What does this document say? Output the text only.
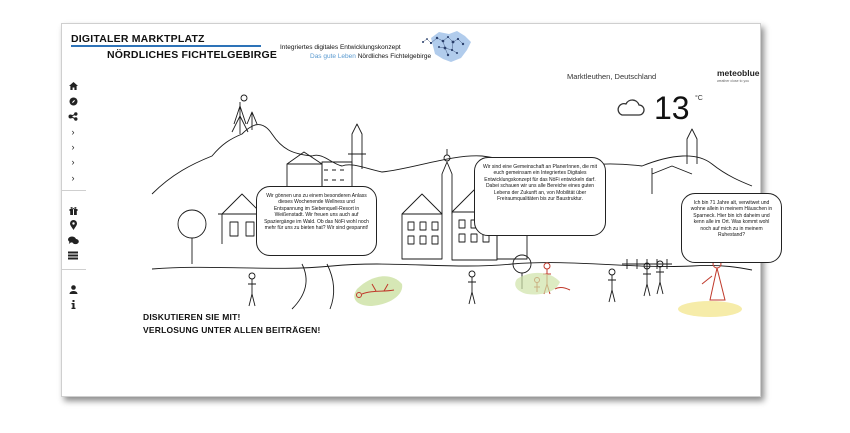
DIGITALER MARKTPLATZ
NÖRDLICHES FICHTELGEBIRGE
Integriertes digitales Entwicklungskonzept
Das gute Leben Nördliches Fichtelgebirge
Marktleuthen, Deutschland	meteoblue
weather close to you
13 °C
›
›
›
›
Wir gönnen uns zu einem besonderen Anlass dieses Wochenende Wellness und Entspannung im Siebenquell-Resort in Weißenstadt. Wir freuen uns auch auf Spaziergänge im Wald. Ob das NöFi wohl noch mehr für uns zu bieten hat? Wir sind gespannt!
Wir sind eine Gemeinschaft an PlanerInnen, die mit euch gemeinsam ein Integriertes Digitales Entwicklungskonzept für das NöFi entwickeln darf. Dabei schauen wir uns alle Bereiche eines guten Lebens der Zukunft an, von Mobilität über Freiraumqualitäten bis zur Baustruktur.
Ich bin 71 Jahre alt, verwitwet und wohne allein in meinem Häuschen in Sparneck. Hier bin ich daheim und kenn alle im Ort. Was kommt wohl noch auf mich zu in meinem Ruhestand?
DISKUTIEREN SIE MIT!
VERLOSUNG UNTER ALLEN BEITRÄGEN!
